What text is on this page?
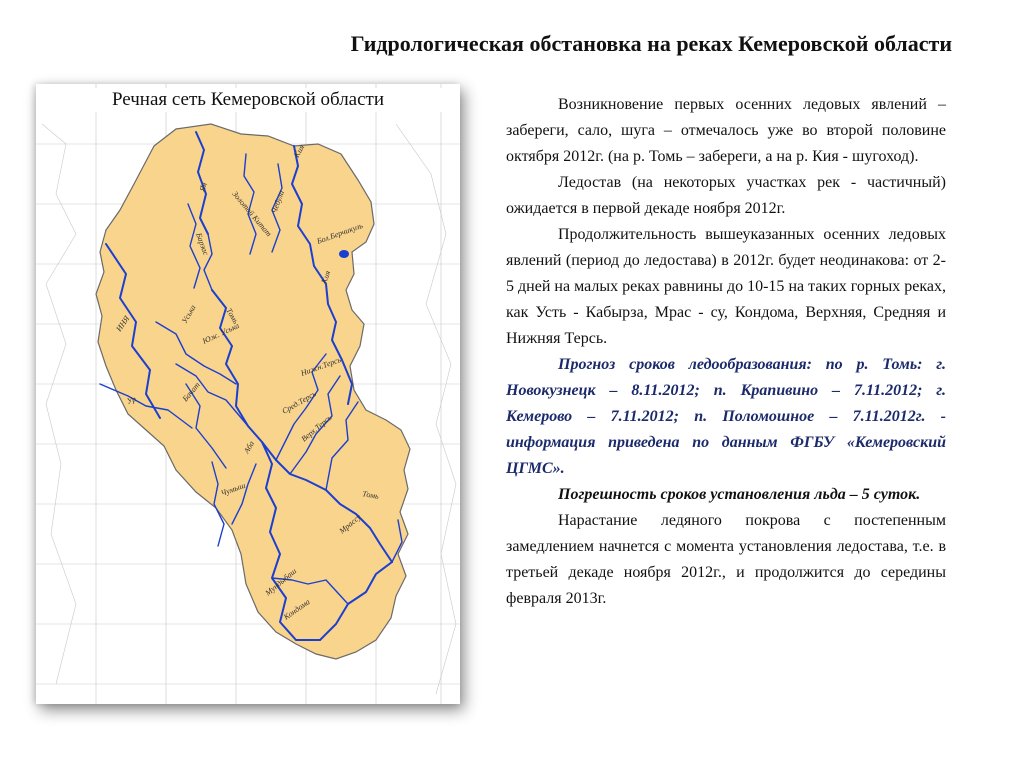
Гидрологическая обстановка на реках Кемеровской области
Кия
Яя
Золотой Китат
Чебула
Барзас	Бол.Берчикуль
Кия
ИНЯ	Уська	Томь
Юж. Уська
Нижн.Терсь
Бачат
Ур	Сред.Терсь
Верх.Терсь
Аба
Чумыш	Томь
Мрассу
Мундыбаш
Кондома
Речная сеть Кемеровской области	Возникновение первых осенних ледовых явлений – забереги, сало, шуга – отмечалось уже во второй половине октября 2012г. (на р. Томь – забереги, а на р. Кия - шугоход).

Ледостав (на некоторых участках рек - частичный) ожидается в первой декаде ноября 2012г.

Продолжительность вышеуказанных осенних ледовых явлений (период до ледостава) в 2012г. будет неодинакова: от 2-5 дней на малых реках равнины до 10-15 на таких горных реках, как Усть - Кабырза, Мрас - су, Кондома, Верхняя, Средняя и Нижняя Терсь.

Прогноз сроков ледообразования: по р. Томь: г. Новокузнецк – 8.11.2012; п. Крапивино – 7.11.2012; г. Кемерово – 7.11.2012; п. Поломошное – 7.11.2012г. - информация приведена по данным ФГБУ «Кемеровский ЦГМС».

Погрешность сроков установления льда – 5 суток.

Нарастание ледяного покрова с постепенным замедлением начнется с момента установления ледостава, т.е. в третьей декаде ноября 2012г., и продолжится до середины февраля 2013г.
